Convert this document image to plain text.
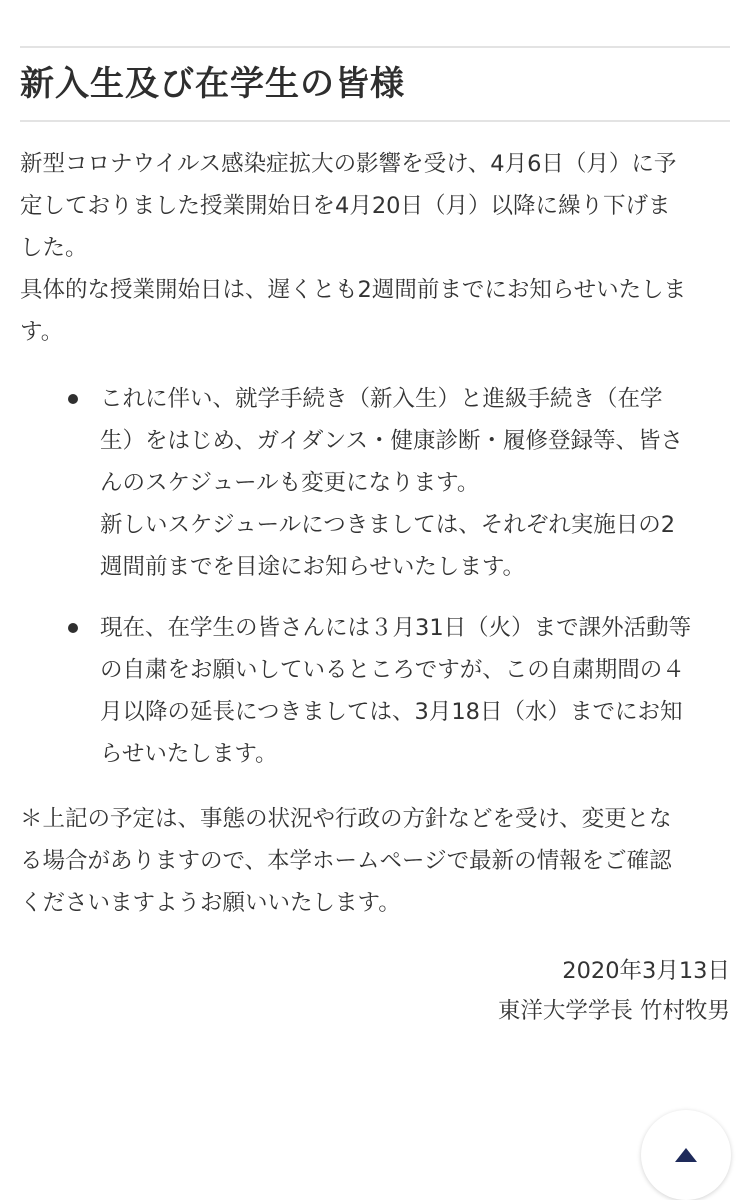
新入生及び在学生の皆様

新型コロナウイルス感染症拡大の影響を受け、4月6日（月）に予
定しておりました授業開始日を4月20日（月）以降に繰り下げま
した。

具体的な授業開始日は、遅くとも2週間前までにお知らせいたしま
す。

これに伴い、就学手続き（新入生）と進級手続き（在学
生）をはじめ、ガイダンス・健康診断・履修登録等、皆さ
んのスケジュールも変更になります。
新しいスケジュールにつきましては、それぞれ実施日の2
週間前までを目途にお知らせいたします。
現在、在学生の皆さんには３月31日（火）まで課外活動等
の自粛をお願いしているところですが、この自粛期間の４
月以降の延長につきましては、3月18日（水）までにお知
らせいたします。

＊上記の予定は、事態の状況や行政の方針などを受け、変更とな
る場合がありますので、本学ホームページで最新の情報をご確認
くださいますようお願いいたします。

2020年3月13日

東洋大学学長 竹村牧男
